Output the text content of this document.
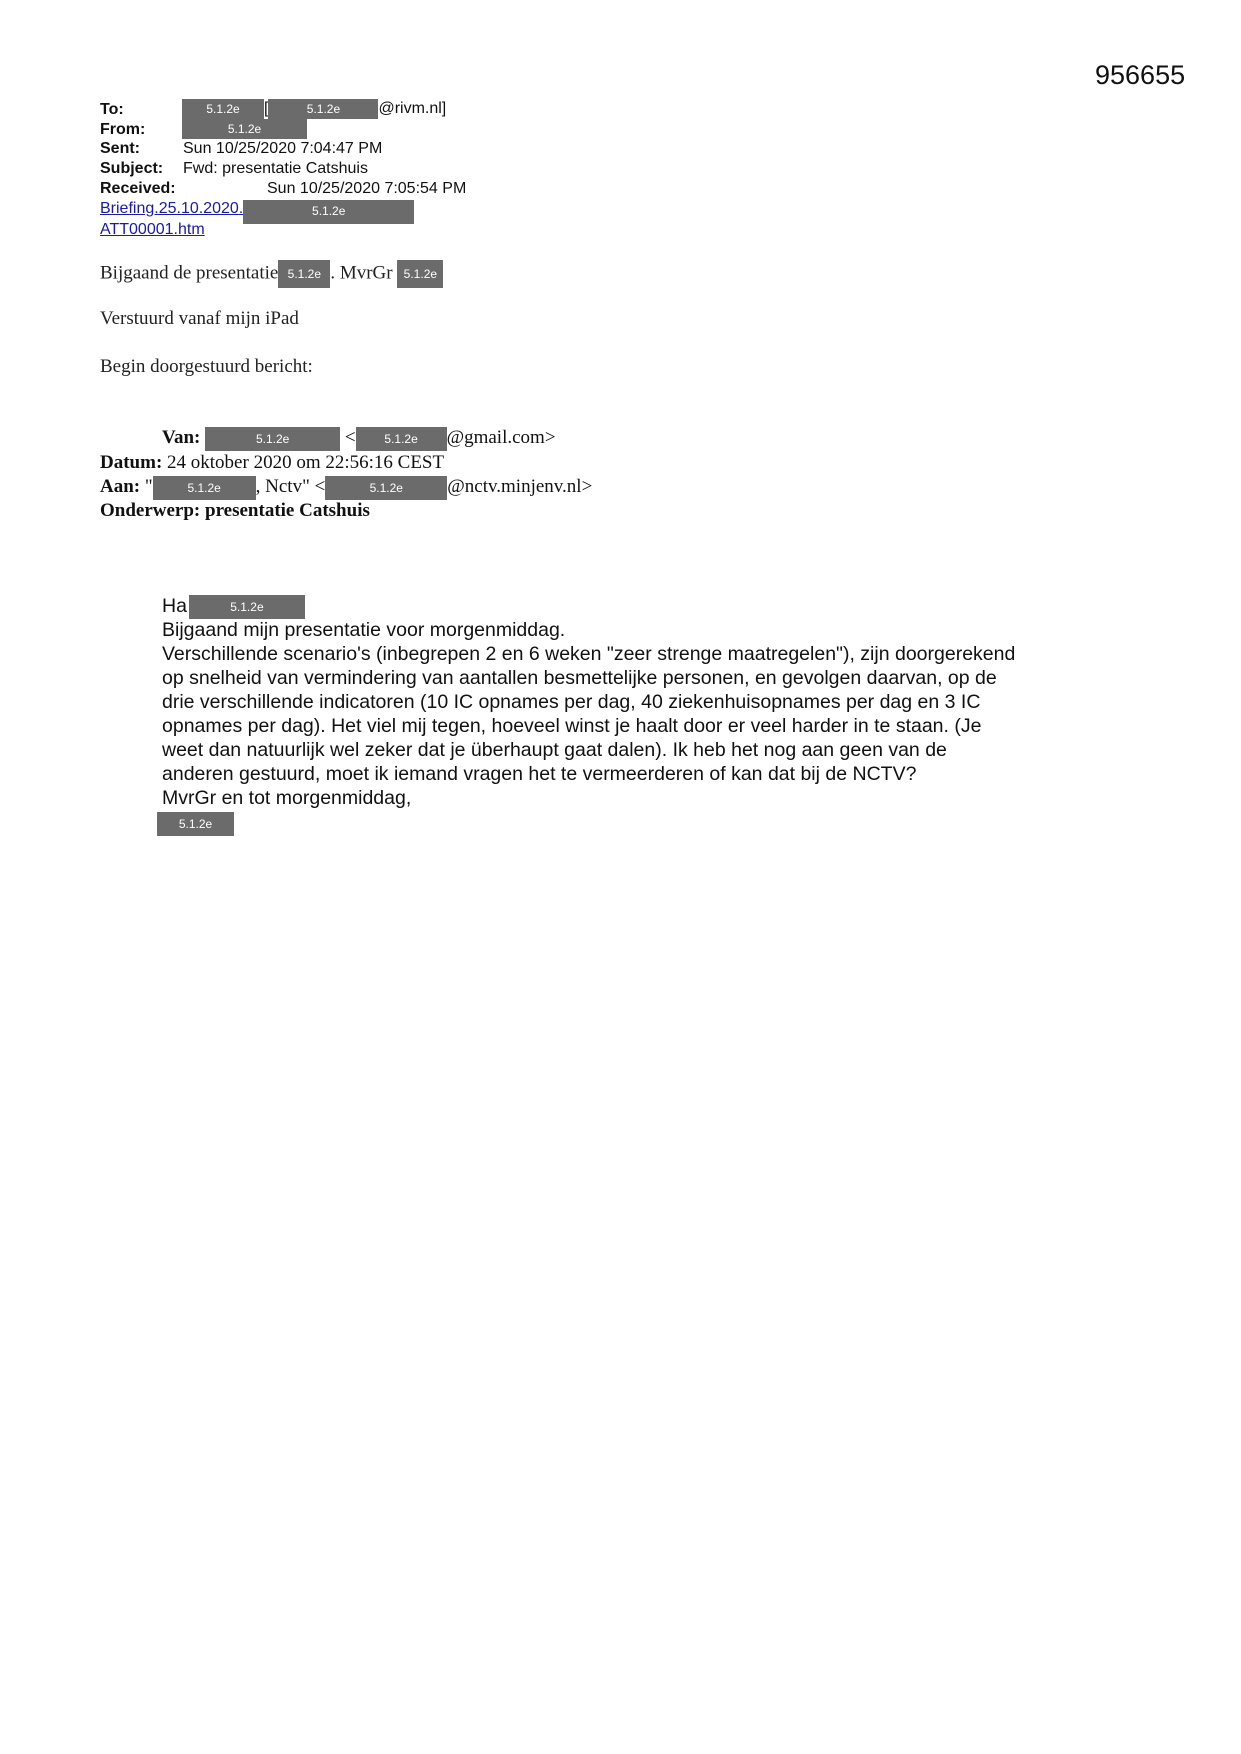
956655
To:	5.1.2e [	5.1.2e @rivm.nl]
From:	5.1.2e
Sent:	Sun 10/25/2020 7:04:47 PM
Subject: Fwd: presentatie Catshuis
Received:	Sun 10/25/2020 7:05:54 PM
Briefing.25.10.2020.	5.1.2e
ATT00001.htm
Bijgaand de presentatie 5.1.2e . MvrGr 5.1.2e
Verstuurd vanaf mijn iPad
Begin doorgestuurd bericht:
Van:	5.1.2e	< 5.1.2e @gmail.com>
Datum: 24 oktober 2020 om 22:56:16 CEST
Aan: "	5.1.2e , Nctv" <	5.1.2e @nctv.minjenv.nl>
Onderwerp: presentatie Catshuis
Ha	5.1.2e
Bijgaand mijn presentatie voor morgenmiddag.
Verschillende scenario's (inbegrepen 2 en 6 weken "zeer strenge maatregelen"), zijn doorgerekend
op snelheid van vermindering van aantallen besmettelijke personen, en gevolgen daarvan, op de
drie verschillende indicatoren (10 IC opnames per dag, 40 ziekenhuisopnames per dag en 3 IC
opnames per dag). Het viel mij tegen, hoeveel winst je haalt door er veel harder in te staan. (Je
weet dan natuurlijk wel zeker dat je überhaupt gaat dalen). Ik heb het nog aan geen van de
anderen gestuurd, moet ik iemand vragen het te vermeerderen of kan dat bij de NCTV?
MvrGr en tot morgenmiddag,
5.1.2e
